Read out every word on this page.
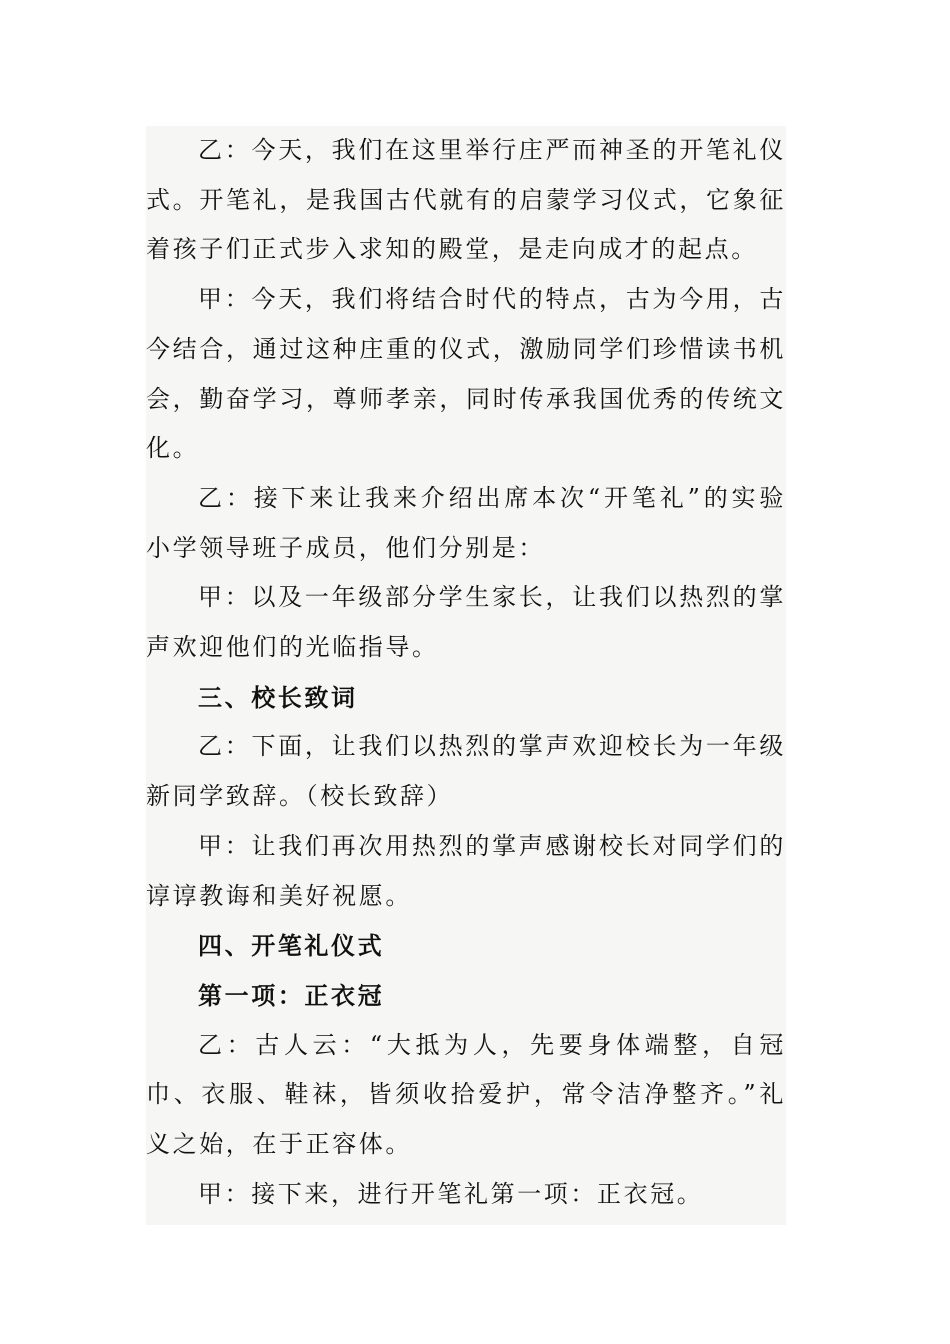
乙：今天，我们在这里举行庄严而神圣的开笔礼仪式。开笔礼，是我国古代就有的启蒙学习仪式，它象征着孩子们正式步入求知的殿堂，是走向成才的起点。

甲：今天，我们将结合时代的特点，古为今用，古今结合，通过这种庄重的仪式，激励同学们珍惜读书机会，勤奋学习，尊师孝亲，同时传承我国优秀的传统文化。

乙：接下来让我来介绍出席本次“开笔礼”的实验小学领导班子成员，他们分别是：

甲：以及一年级部分学生家长，让我们以热烈的掌声欢迎他们的光临指导。

三、校长致词

乙：下面，让我们以热烈的掌声欢迎校长为一年级新同学致辞。（校长致辞）

甲：让我们再次用热烈的掌声感谢校长对同学们的谆谆教诲和美好祝愿。

四、开笔礼仪式

第一项：正衣冠

乙：古人云：“大抵为人，先要身体端整，自冠巾、衣服、鞋袜，皆须收拾爱护，常令洁净整齐。”礼义之始，在于正容体。

甲：接下来，进行开笔礼第一项：正衣冠。
